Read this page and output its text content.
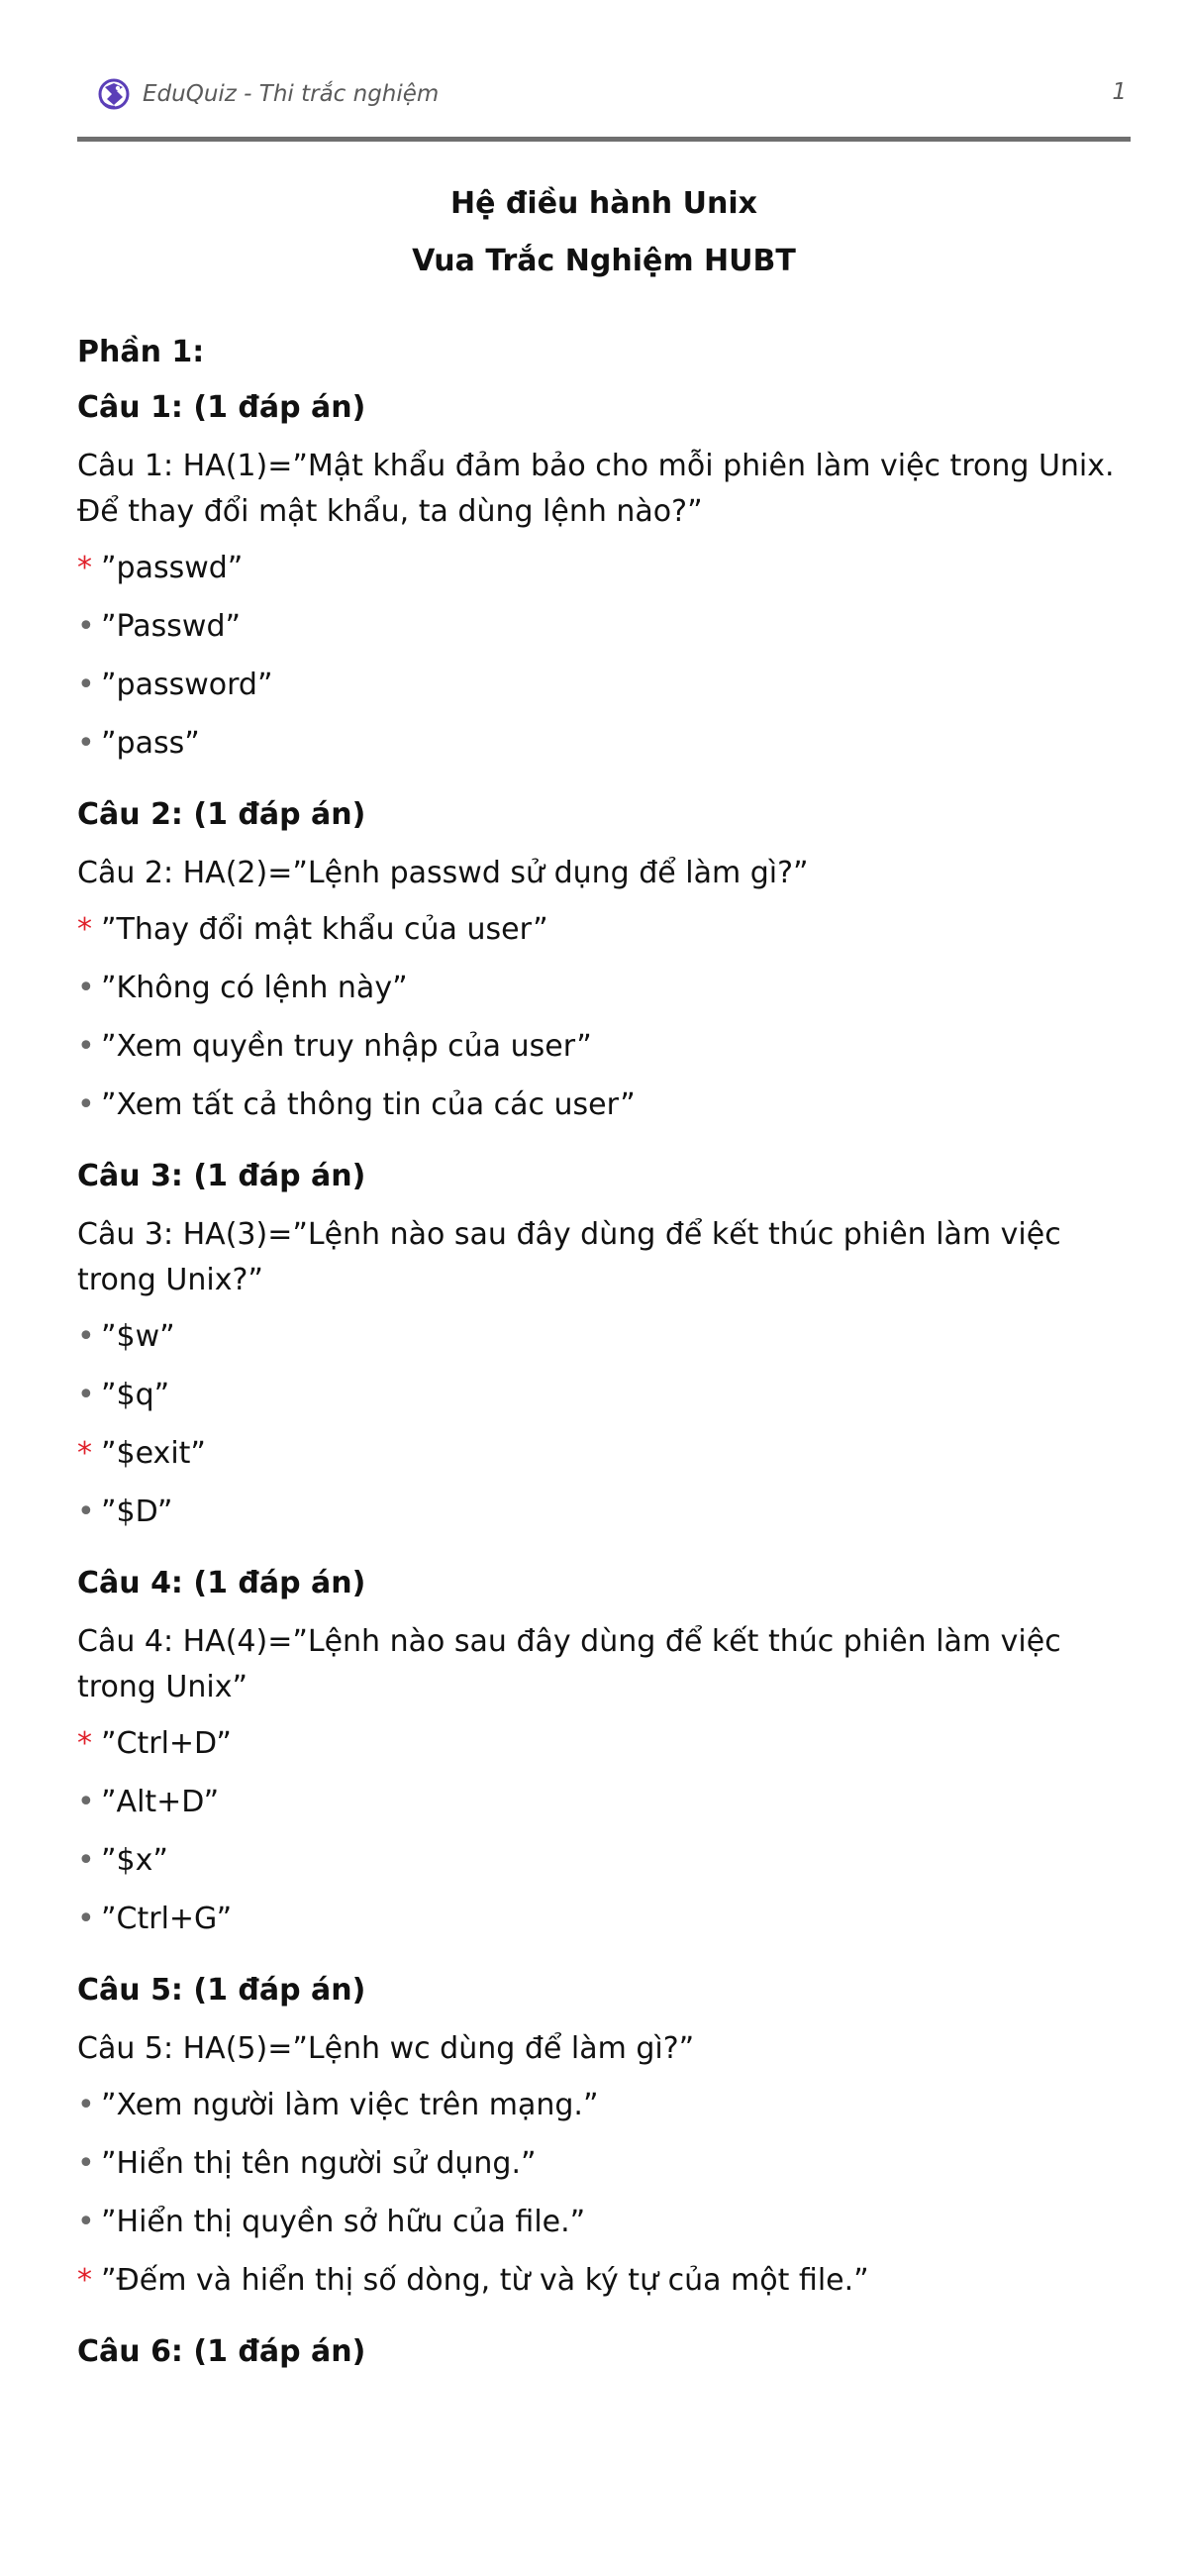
EduQuiz - Thi trắc nghiệm	1
Hệ điều hành Unix
Vua Trắc Nghiệm HUBT
Phần 1:
Câu 1: (1 đáp án)
Câu 1: HA(1)=”Mật khẩu đảm bảo cho mỗi phiên làm việc trong Unix. Để thay đổi mật khẩu, ta dùng lệnh nào?”
* ”passwd”
• ”Passwd”
• ”password”
• ”pass”
Câu 2: (1 đáp án)
Câu 2: HA(2)=”Lệnh passwd sử dụng để làm gì?”
* ”Thay đổi mật khẩu của user”
• ”Không có lệnh này”
• ”Xem quyền truy nhập của user”
• ”Xem tất cả thông tin của các user”
Câu 3: (1 đáp án)
Câu 3: HA(3)=”Lệnh nào sau đây dùng để kết thúc phiên làm việc trong Unix?”
• ”$w”
• ”$q”
* ”$exit”
• ”$D”
Câu 4: (1 đáp án)
Câu 4: HA(4)=”Lệnh nào sau đây dùng để kết thúc phiên làm việc trong Unix”
* ”Ctrl+D”
• ”Alt+D”
• ”$x”
• ”Ctrl+G”
Câu 5: (1 đáp án)
Câu 5: HA(5)=”Lệnh wc dùng để làm gì?”
• ”Xem người làm việc trên mạng.”
• ”Hiển thị tên người sử dụng.”
• ”Hiển thị quyền sở hữu của file.”
* ”Đếm và hiển thị số dòng, từ và ký tự của một file.”
Câu 6: (1 đáp án)
